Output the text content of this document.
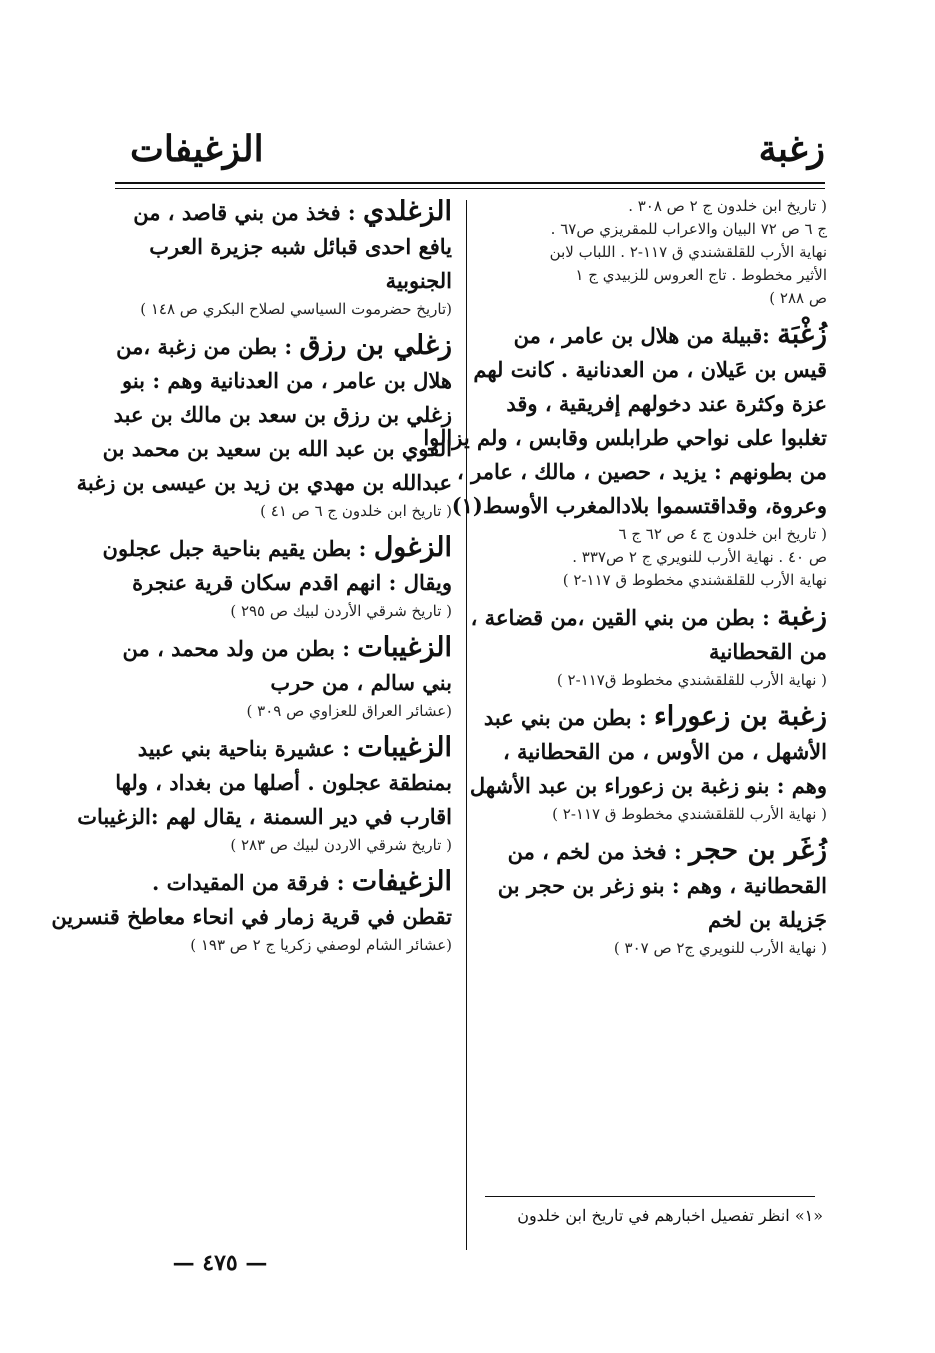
زغبة
الزغيفات
( تاريخ ابن خلدون ج ٢ ص ٣٠٨ .
ج ٦ ص ٧٢ البيان والاعراب للمقريزي ص٦٧ .
نهاية الأرب للقلقشندي ق ١١٧-٢ . اللباب لابن
الأثير مخطوط . تاج العروس للزبيدي ج ١
ص ٢٨٨ )
زُغْبَة :قبيلة من هلال بن عامر ، من
قيس بن عَيلان ، من العدنانية . كانت لهم
عزة وكثرة عند دخولهم إفريقية ، وقد
تغلبوا على نواحي طرابلس وقابس ، ولم يزالوا
من بطونهم : يزيد ، حصين ، مالك ، عامر ،
وعروة، وقداقتسموا بلادالمغرب الأوسط(١)
( تاريخ ابن خلدون ج ٤ ص ٦٢ ج ٦
ص ٤٠ . نهاية الأرب للنويري ج ٢ ص٣٣٧ .
نهاية الأرب للقلقشندي مخطوط ق ١١٧-٢ )
زغبة : بطن من بني القين ،من قضاعة ،
من القحطانية
( نهاية الأرب للقلقشندي مخطوط ق١١٧-٢ )
زغبة بن زعوراء : بطن من بني عبد
الأشهل ، من الأوس ، من القحطانية ،
وهم : بنو زغبة بن زعوراء بن عبد الأشهل
( نهاية الأرب للقلقشندي مخطوط ق ١١٧-٢ )
زُغَر بن حجر : فخذ من لخم ، من
القحطانية ، وهم : بنو زغر بن حجر بن
جَزيلة بن لخم
( نهاية الأرب للنويري ج٢ ص ٣٠٧ )
«١» انظر تفصيل اخبارهم في تاريخ ابن خلدون
الزغلدي : فخذ من بني قاصد ، من
يافع احدى قبائل شبه جزيرة العرب
الجنوبية
(تاريخ حضرموت السياسي لصلاح البكري ص ١٤٨ )
زغلي بن رزق : بطن من زغبة ،من
هلال بن عامر ، من العدنانية وهم : بنو
زغلي بن رزق بن سعد بن مالك بن عبد
القوي بن عبد الله بن سعيد بن محمد بن
عبدالله بن مهدي بن زيد بن عيسى بن زغبة
( تاريخ ابن خلدون ج ٦ ص ٤١ )
الزغول : بطن يقيم بناحية جبل عجلون
ويقال : انهم اقدم سكان قرية عنجرة
( تاريخ شرقي الأردن لبيك ص ٢٩٥ )
الزغيبات : بطن من ولد محمد ، من
بني سالم ، من حرب
(عشائر العراق للعزاوي ص ٣٠٩ )
الزغيبات : عشيرة بناحية بني عبيد
بمنطقة عجلون . أصلها من بغداد ، ولها
اقارب في دير السمنة ، يقال لهم :الزغيبات
( تاريخ شرقي الاردن لبيك ص ٢٨٣ )
الزغيفات : فرقة من المقيدات .
تقطن في قرية زمار في انحاء معاطخ قنسرين
(عشائر الشام لوصفي زكريا ج ٢ ص ١٩٣ )
— ٤٧٥ —
